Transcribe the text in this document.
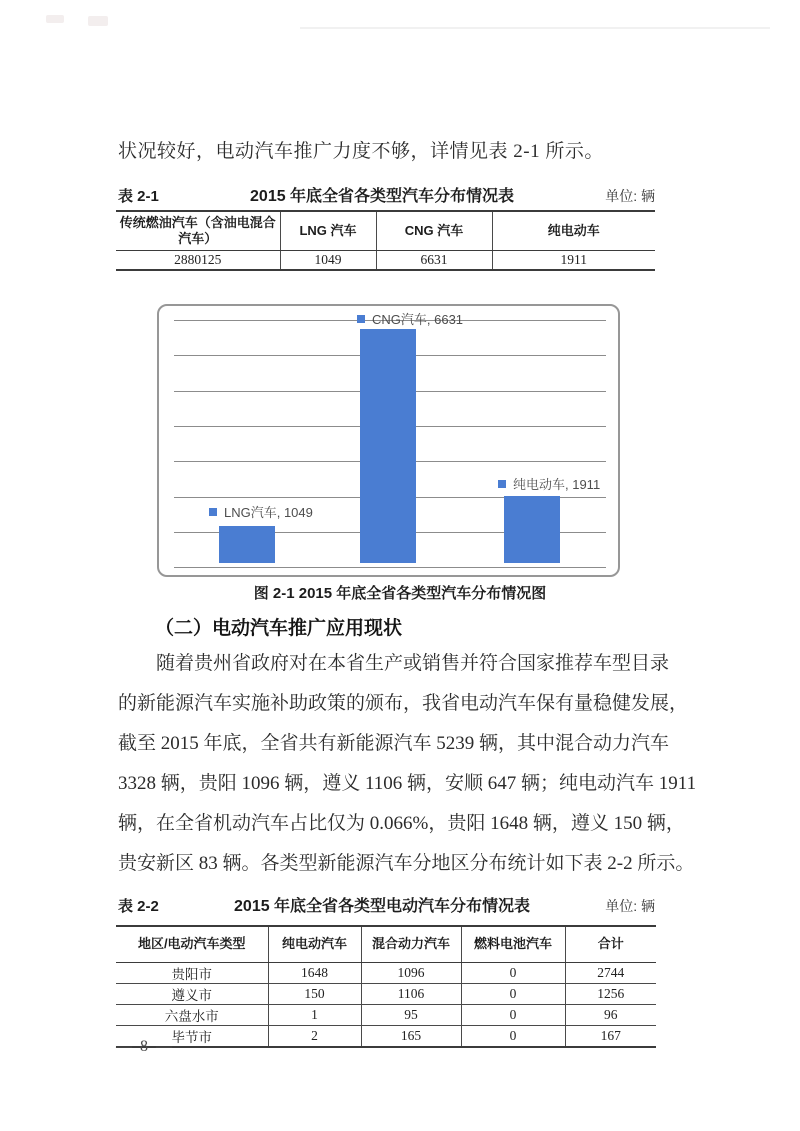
状况较好，电动汽车推广力度不够，详情见表 2-1 所示。
表 2-1	2015 年底全省各类型汽车分布情况表	单位: 辆
传统燃油汽车（含油电混合汽车）	LNG 汽车	CNG 汽车	纯电动车
2880125	1049	6631	1911
CNG汽车, 6631
LNG汽车, 1049
纯电动车, 1911
图 2-1 2015 年底全省各类型汽车分布情况图
（二）电动汽车推广应用现状
随着贵州省政府对在本省生产或销售并符合国家推荐车型目录
的新能源汽车实施补助政策的颁布，我省电动汽车保有量稳健发展，
截至 2015 年底，全省共有新能源汽车 5239 辆，其中混合动力汽车
3328 辆，贵阳 1096 辆，遵义 1106 辆，安顺 647 辆；纯电动汽车 1911
辆，在全省机动汽车占比仅为 0.066%，贵阳 1648 辆，遵义 150 辆，
贵安新区 83 辆。各类型新能源汽车分地区分布统计如下表 2-2 所示。
表 2-2	2015 年底全省各类型电动汽车分布情况表	单位: 辆
地区/电动汽车类型	纯电动汽车	混合动力汽车	燃料电池汽车	合计
贵阳市	1648	1096	0	2744
遵义市	150	1106	0	1256
六盘水市	1	95	0	96
毕节市	2	165	0	167
— 8 —
